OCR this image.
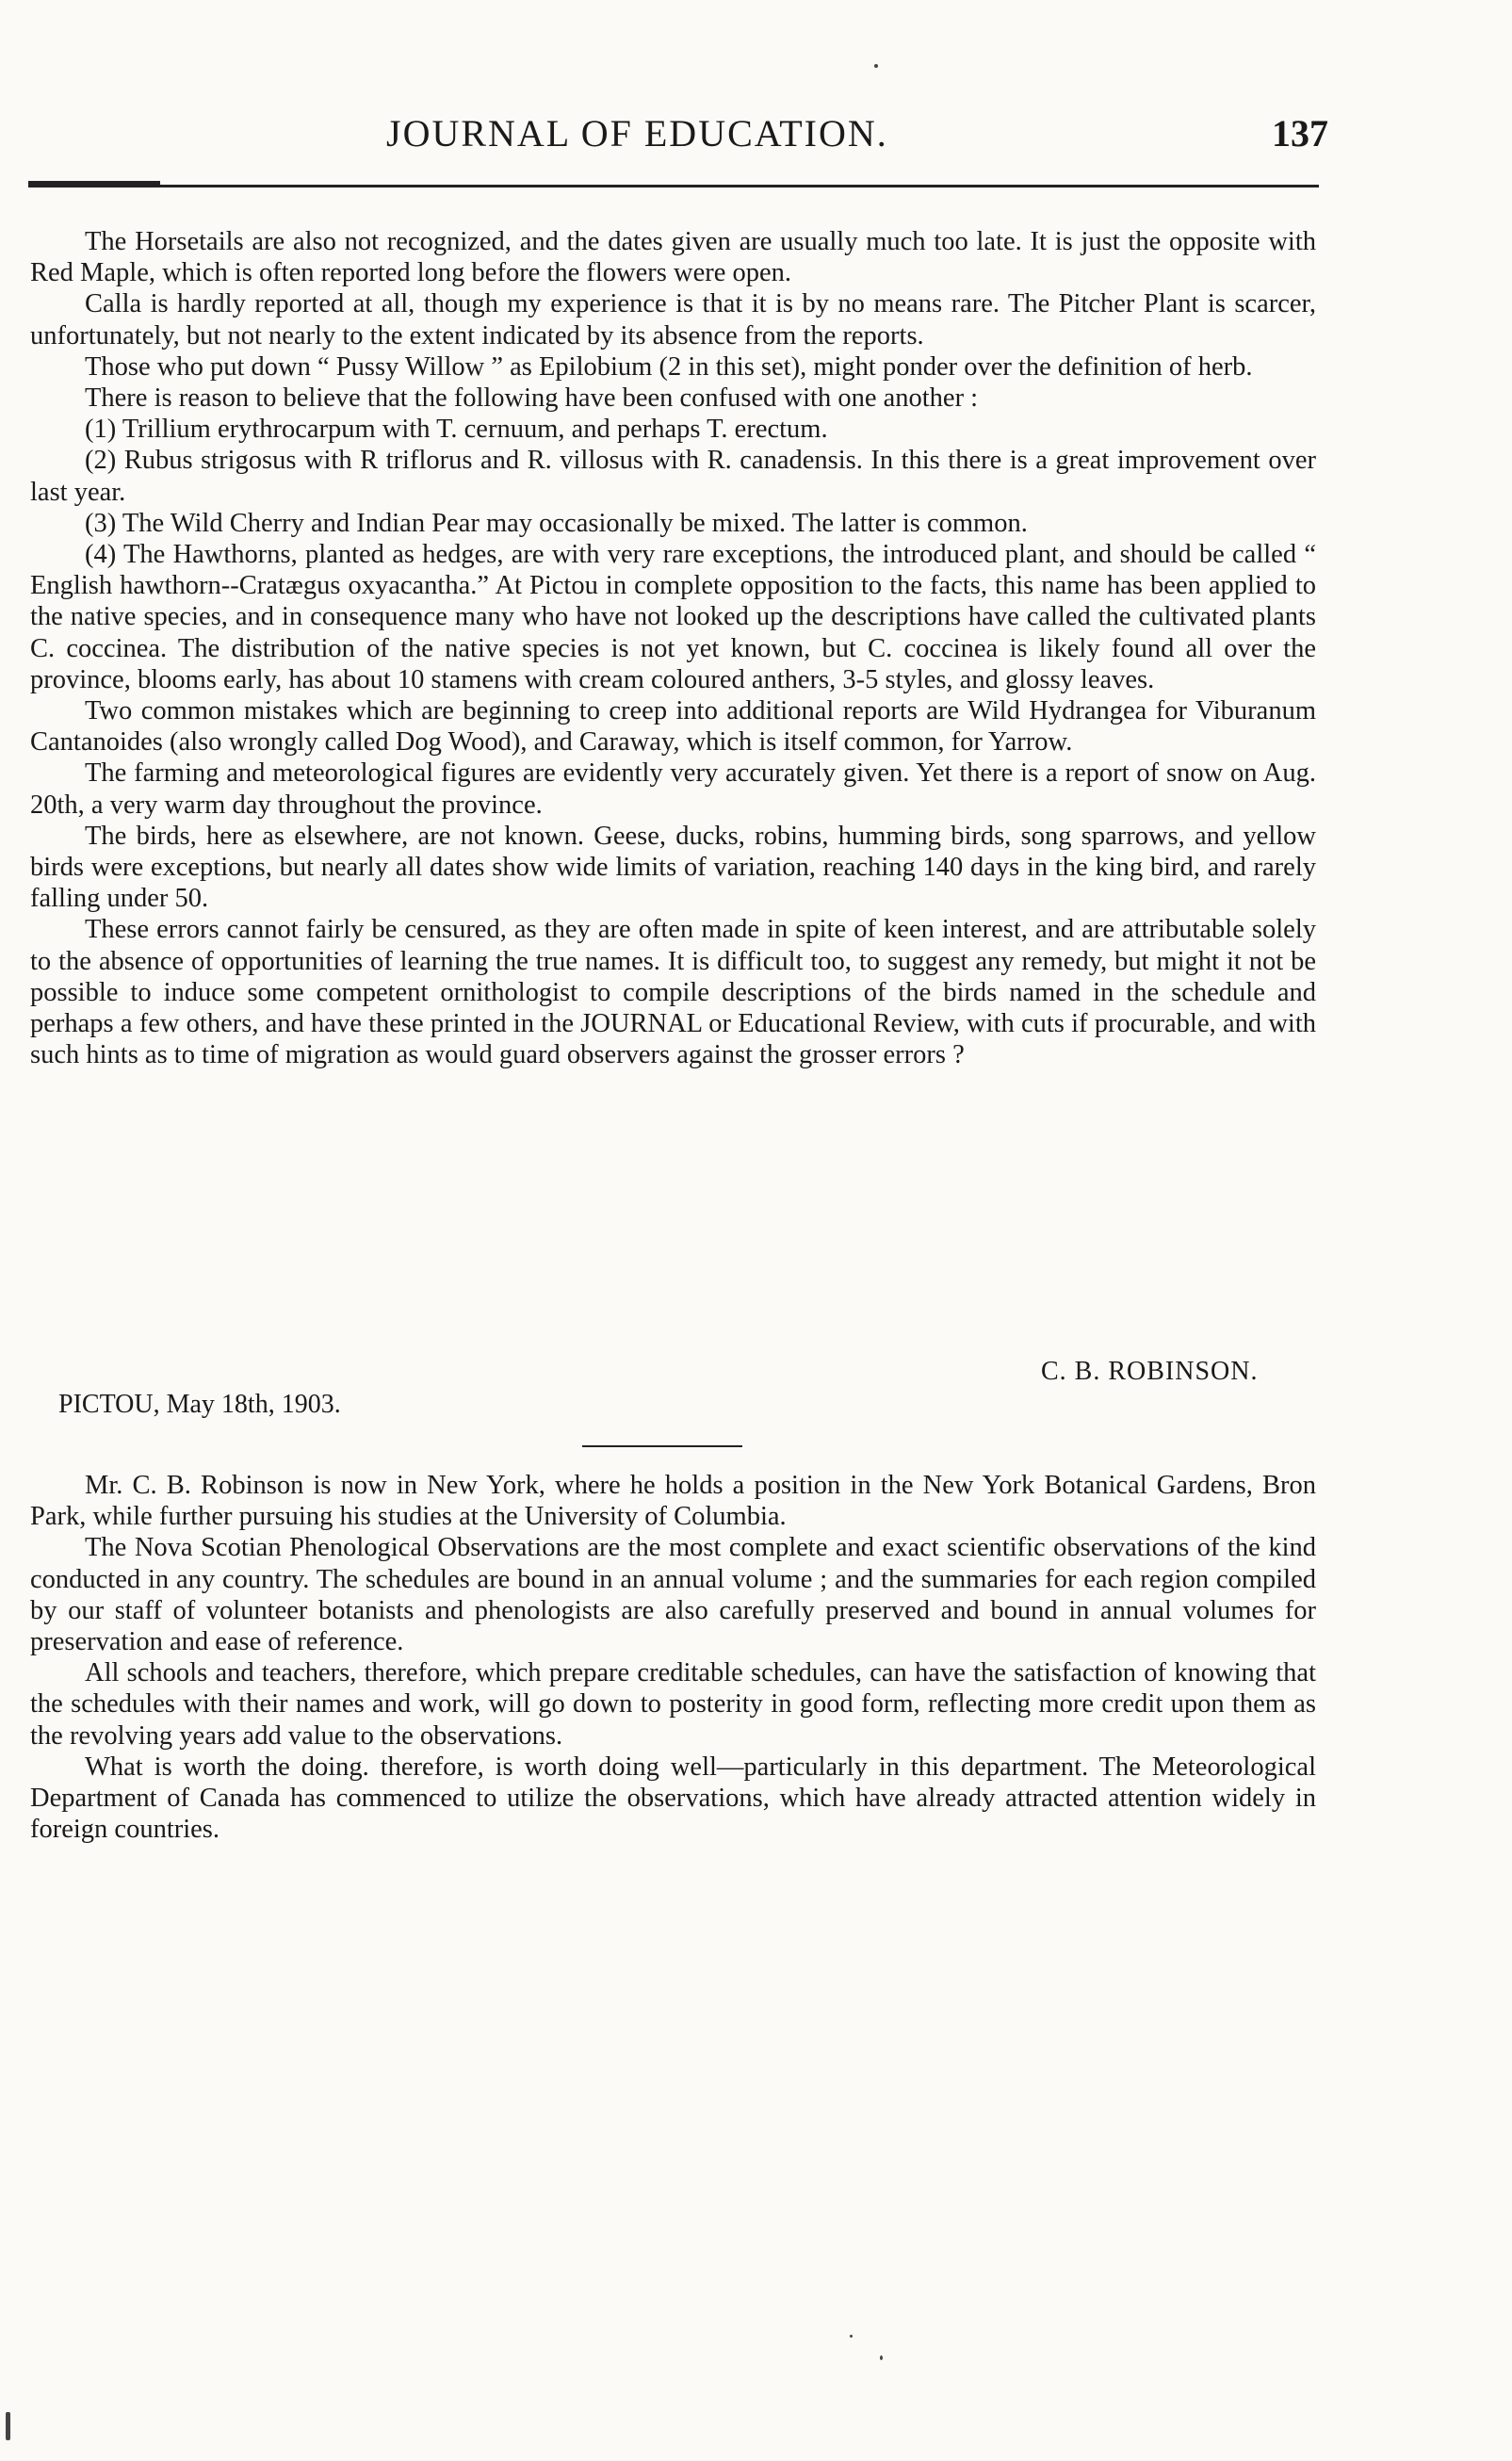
JOURNAL OF EDUCATION.	137

The Horsetails are also not recognized, and the dates given are usually much too late. It is just the opposite with Red Maple, which is often reported long before the flowers were open.

Calla is hardly reported at all, though my experience is that it is by no means rare. The Pitcher Plant is scarcer, unfortunately, but not nearly to the extent indicated by its absence from the reports.

Those who put down “ Pussy Willow ” as Epilobium (2 in this set), might ponder over the definition of herb.

There is reason to believe that the following have been confused with one another :

(1) Trillium erythrocarpum with T. cernuum, and perhaps T. erectum.

(2) Rubus strigosus with R triflorus and R. villosus with R. canadensis. In this there is a great improvement over last year.

(3) The Wild Cherry and Indian Pear may occasionally be mixed. The latter is common.

(4) The Hawthorns, planted as hedges, are with very rare exceptions, the introduced plant, and should be called “ English hawthorn--Cratægus oxyacantha.” At Pictou in complete opposition to the facts, this name has been applied to the native species, and in consequence many who have not looked up the descriptions have called the cultivated plants C. coccinea. The distribution of the native species is not yet known, but C. coccinea is likely found all over the province, blooms early, has about 10 stamens with cream coloured anthers, 3-5 styles, and glossy leaves.

Two common mistakes which are beginning to creep into additional reports are Wild Hydrangea for Viburanum Cantanoides (also wrongly called Dog Wood), and Caraway, which is itself common, for Yarrow.

The farming and meteorological figures are evidently very accurately given. Yet there is a report of snow on Aug. 20th, a very warm day throughout the province.

The birds, here as elsewhere, are not known. Geese, ducks, robins, humming birds, song sparrows, and yellow birds were exceptions, but nearly all dates show wide limits of variation, reaching 140 days in the king bird, and rarely falling under 50.

These errors cannot fairly be censured, as they are often made in spite of keen interest, and are attributable solely to the absence of opportunities of learning the true names. It is difficult too, to suggest any remedy, but might it not be possible to induce some competent ornithologist to compile descriptions of the birds named in the schedule and perhaps a few others, and have these printed in the JOURNAL or Educational Review, with cuts if procurable, and with such hints as to time of migration as would guard observers against the grosser errors ?

C. B. ROBINSON.
PICTOU, May 18th, 1903.

Mr. C. B. Robinson is now in New York, where he holds a position in the New York Botanical Gardens, Bron Park, while further pursuing his studies at the University of Columbia.

The Nova Scotian Phenological Observations are the most complete and exact scientific observations of the kind conducted in any country. The schedules are bound in an annual volume ; and the summaries for each region compiled by our staff of volunteer botanists and phenologists are also carefully preserved and bound in annual volumes for preservation and ease of reference.

All schools and teachers, therefore, which prepare creditable schedules, can have the satisfaction of knowing that the schedules with their names and work, will go down to posterity in good form, reflecting more credit upon them as the revolving years add value to the observations.

What is worth the doing. therefore, is worth doing well—particularly in this department. The Meteorological Department of Canada has commenced to utilize the observations, which have already attracted attention widely in foreign countries.
